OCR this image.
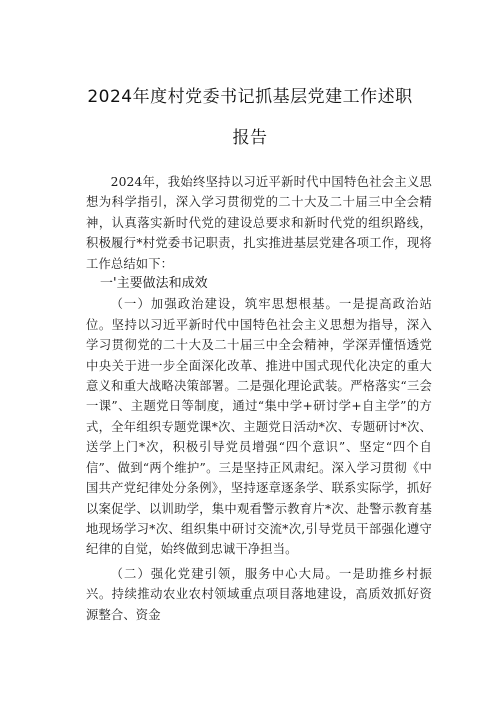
2024年度村党委书记抓基层党建工作述职
报告

2024年，我始终坚持以习近平新时代中国特色社会主义思想为科学指引，深入学习贯彻党的二十大及二十届三中全会精神，认真落实新时代党的建设总要求和新时代党的组织路线，积极履行*村党委书记职责，扎实推进基层党建各项工作，现将工作总结如下：

一'主要做法和成效

（一）加强政治建设，筑牢思想根基。一是提高政治站位。坚持以习近平新时代中国特色社会主义思想为指导，深入学习贯彻党的二十大及二十届三中全会精神，学深弄懂悟透党中央关于进一步全面深化改革、推进中国式现代化决定的重大意义和重大战略决策部署。二是强化理论武装。严格落实“三会一课”、主题党日等制度，通过“集中学+研讨学+自主学”的方式，全年组织专题党课*次、主题党日活动*次、专题研讨*次、送学上门*次，积极引导党员增强“四个意识”、坚定“四个自信”、做到“两个维护”。三是坚持正风肃纪。深入学习贯彻《中国共产党纪律处分条例》，坚持逐章逐条学、联系实际学，抓好以案促学、以训助学，集中观看警示教育片*次、赴警示教育基地现场学习*次、组织集中研讨交流*次,引导党员干部强化遵守纪律的自觉，始终做到忠诚干净担当。

（二）强化党建引领，服务中心大局。一是助推乡村振兴。持续推动农业农村领域重点项目落地建设，高质效抓好资源整合、资金
